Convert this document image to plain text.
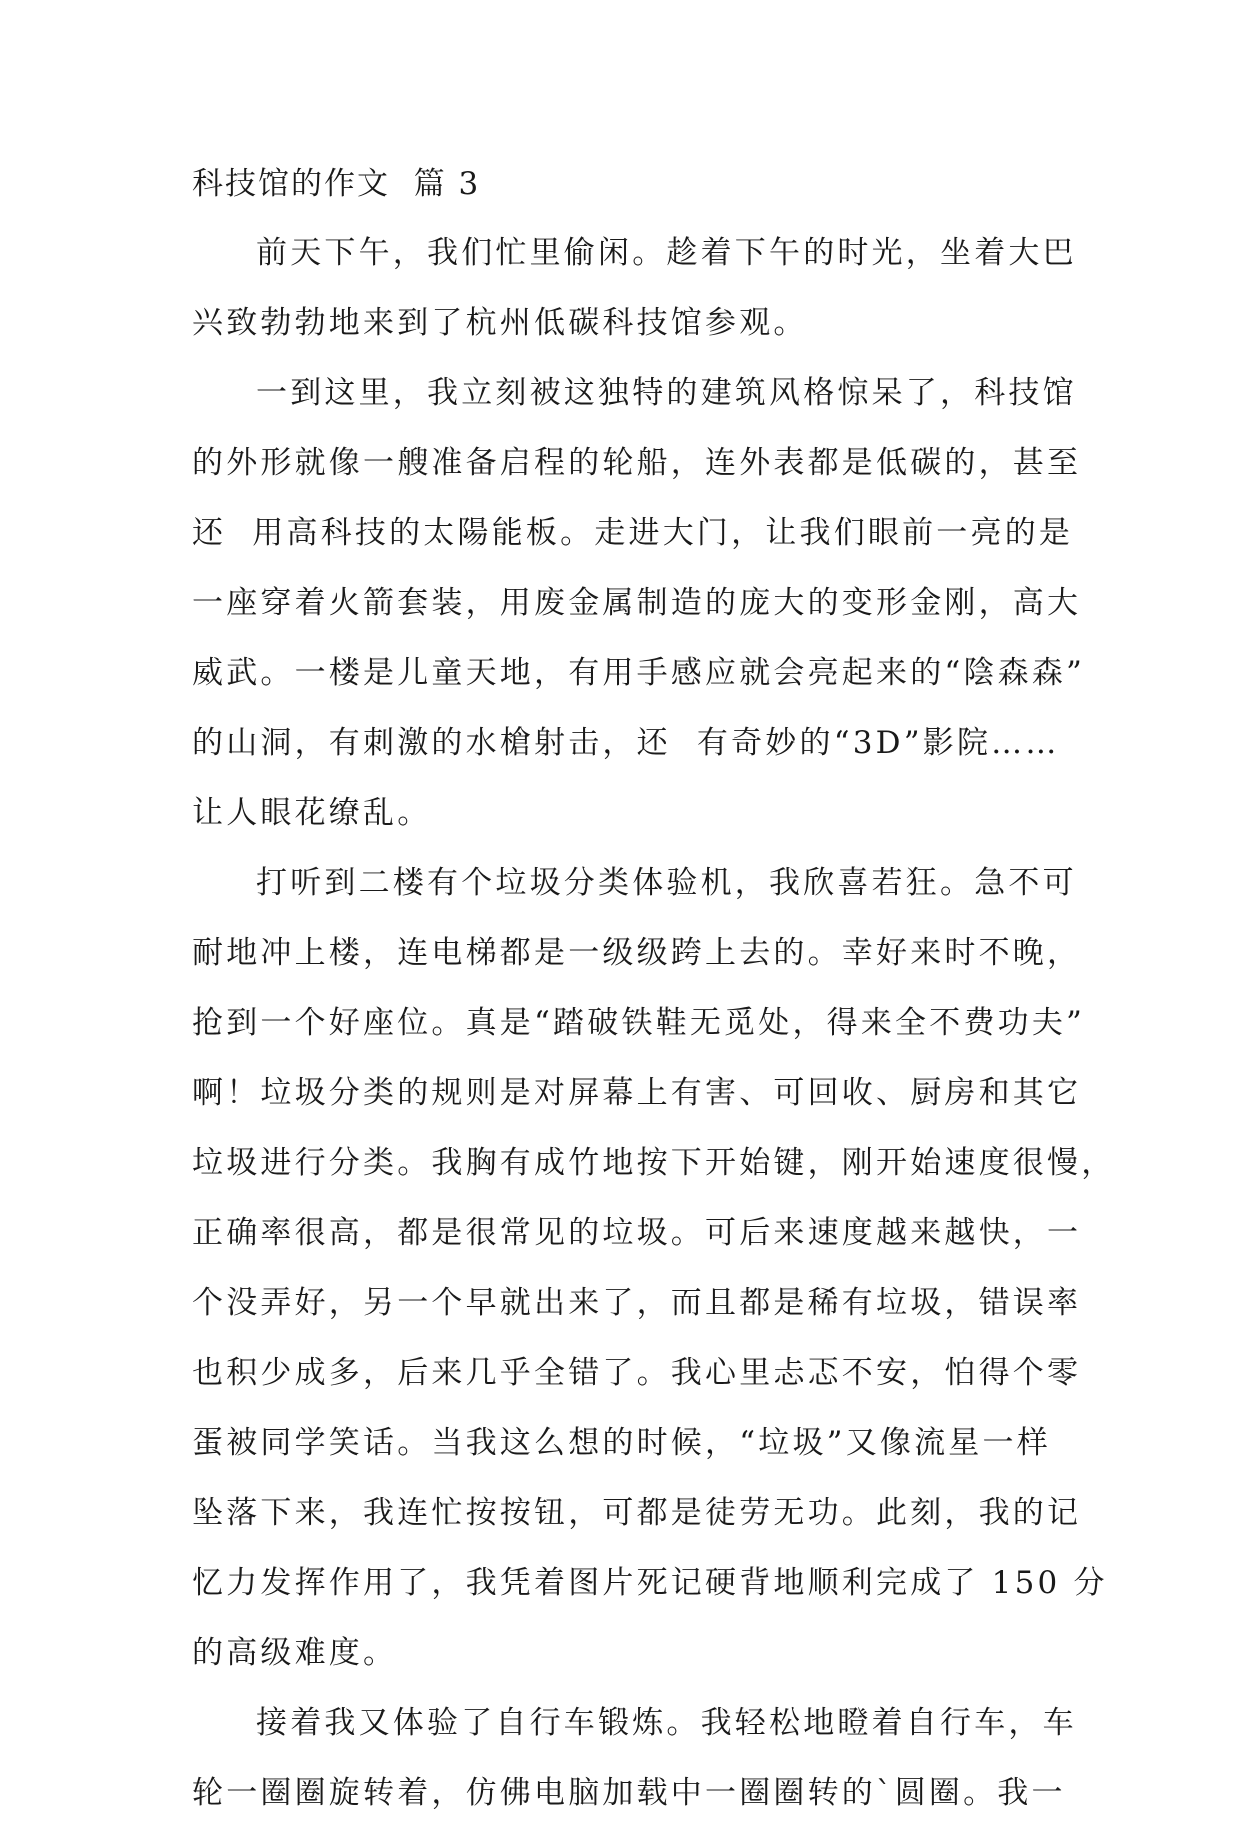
科技馆的作文  篇 3
前天下午，我们忙里偷闲。趁着下午的时光，坐着大巴
兴致勃勃地来到了杭州低碳科技馆参观。
一到这里，我立刻被这独特的建筑风格惊呆了，科技馆
的外形就像一艘准备启程的轮船，连外表都是低碳的，甚至
还  用高科技的太陽能板。走进大门，让我们眼前一亮的是
一座穿着火箭套装，用废金属制造的庞大的变形金刚，高大
威武。一楼是儿童天地，有用手感应就会亮起来的“陰森森”
的山洞，有刺激的水槍射击，还  有奇妙的“3D”影院……
让人眼花缭乱。
打听到二楼有个垃圾分类体验机，我欣喜若狂。急不可
耐地冲上楼，连电梯都是一级级跨上去的。幸好来时不晚，
抢到一个好座位。真是“踏破铁鞋无觅处，得来全不费功夫”
啊！垃圾分类的规则是对屏幕上有害、可回收、厨房和其它
垃圾进行分类。我胸有成竹地按下开始键，刚开始速度很慢，
正确率很高，都是很常见的垃圾。可后来速度越来越快，一
个没弄好，另一个早就出来了，而且都是稀有垃圾，错误率
也积少成多，后来几乎全错了。我心里忐忑不安，怕得个零
蛋被同学笑话。当我这么想的时候，“垃圾”又像流星一样
坠落下来，我连忙按按钮，可都是徒劳无功。此刻，我的记
忆力发挥作用了，我凭着图片死记硬背地顺利完成了 150 分
的高级难度。
接着我又体验了自行车锻炼。我轻松地瞪着自行车，车
轮一圈圈旋转着，仿佛电脑加载中一圈圈转的`圆圈。我一
